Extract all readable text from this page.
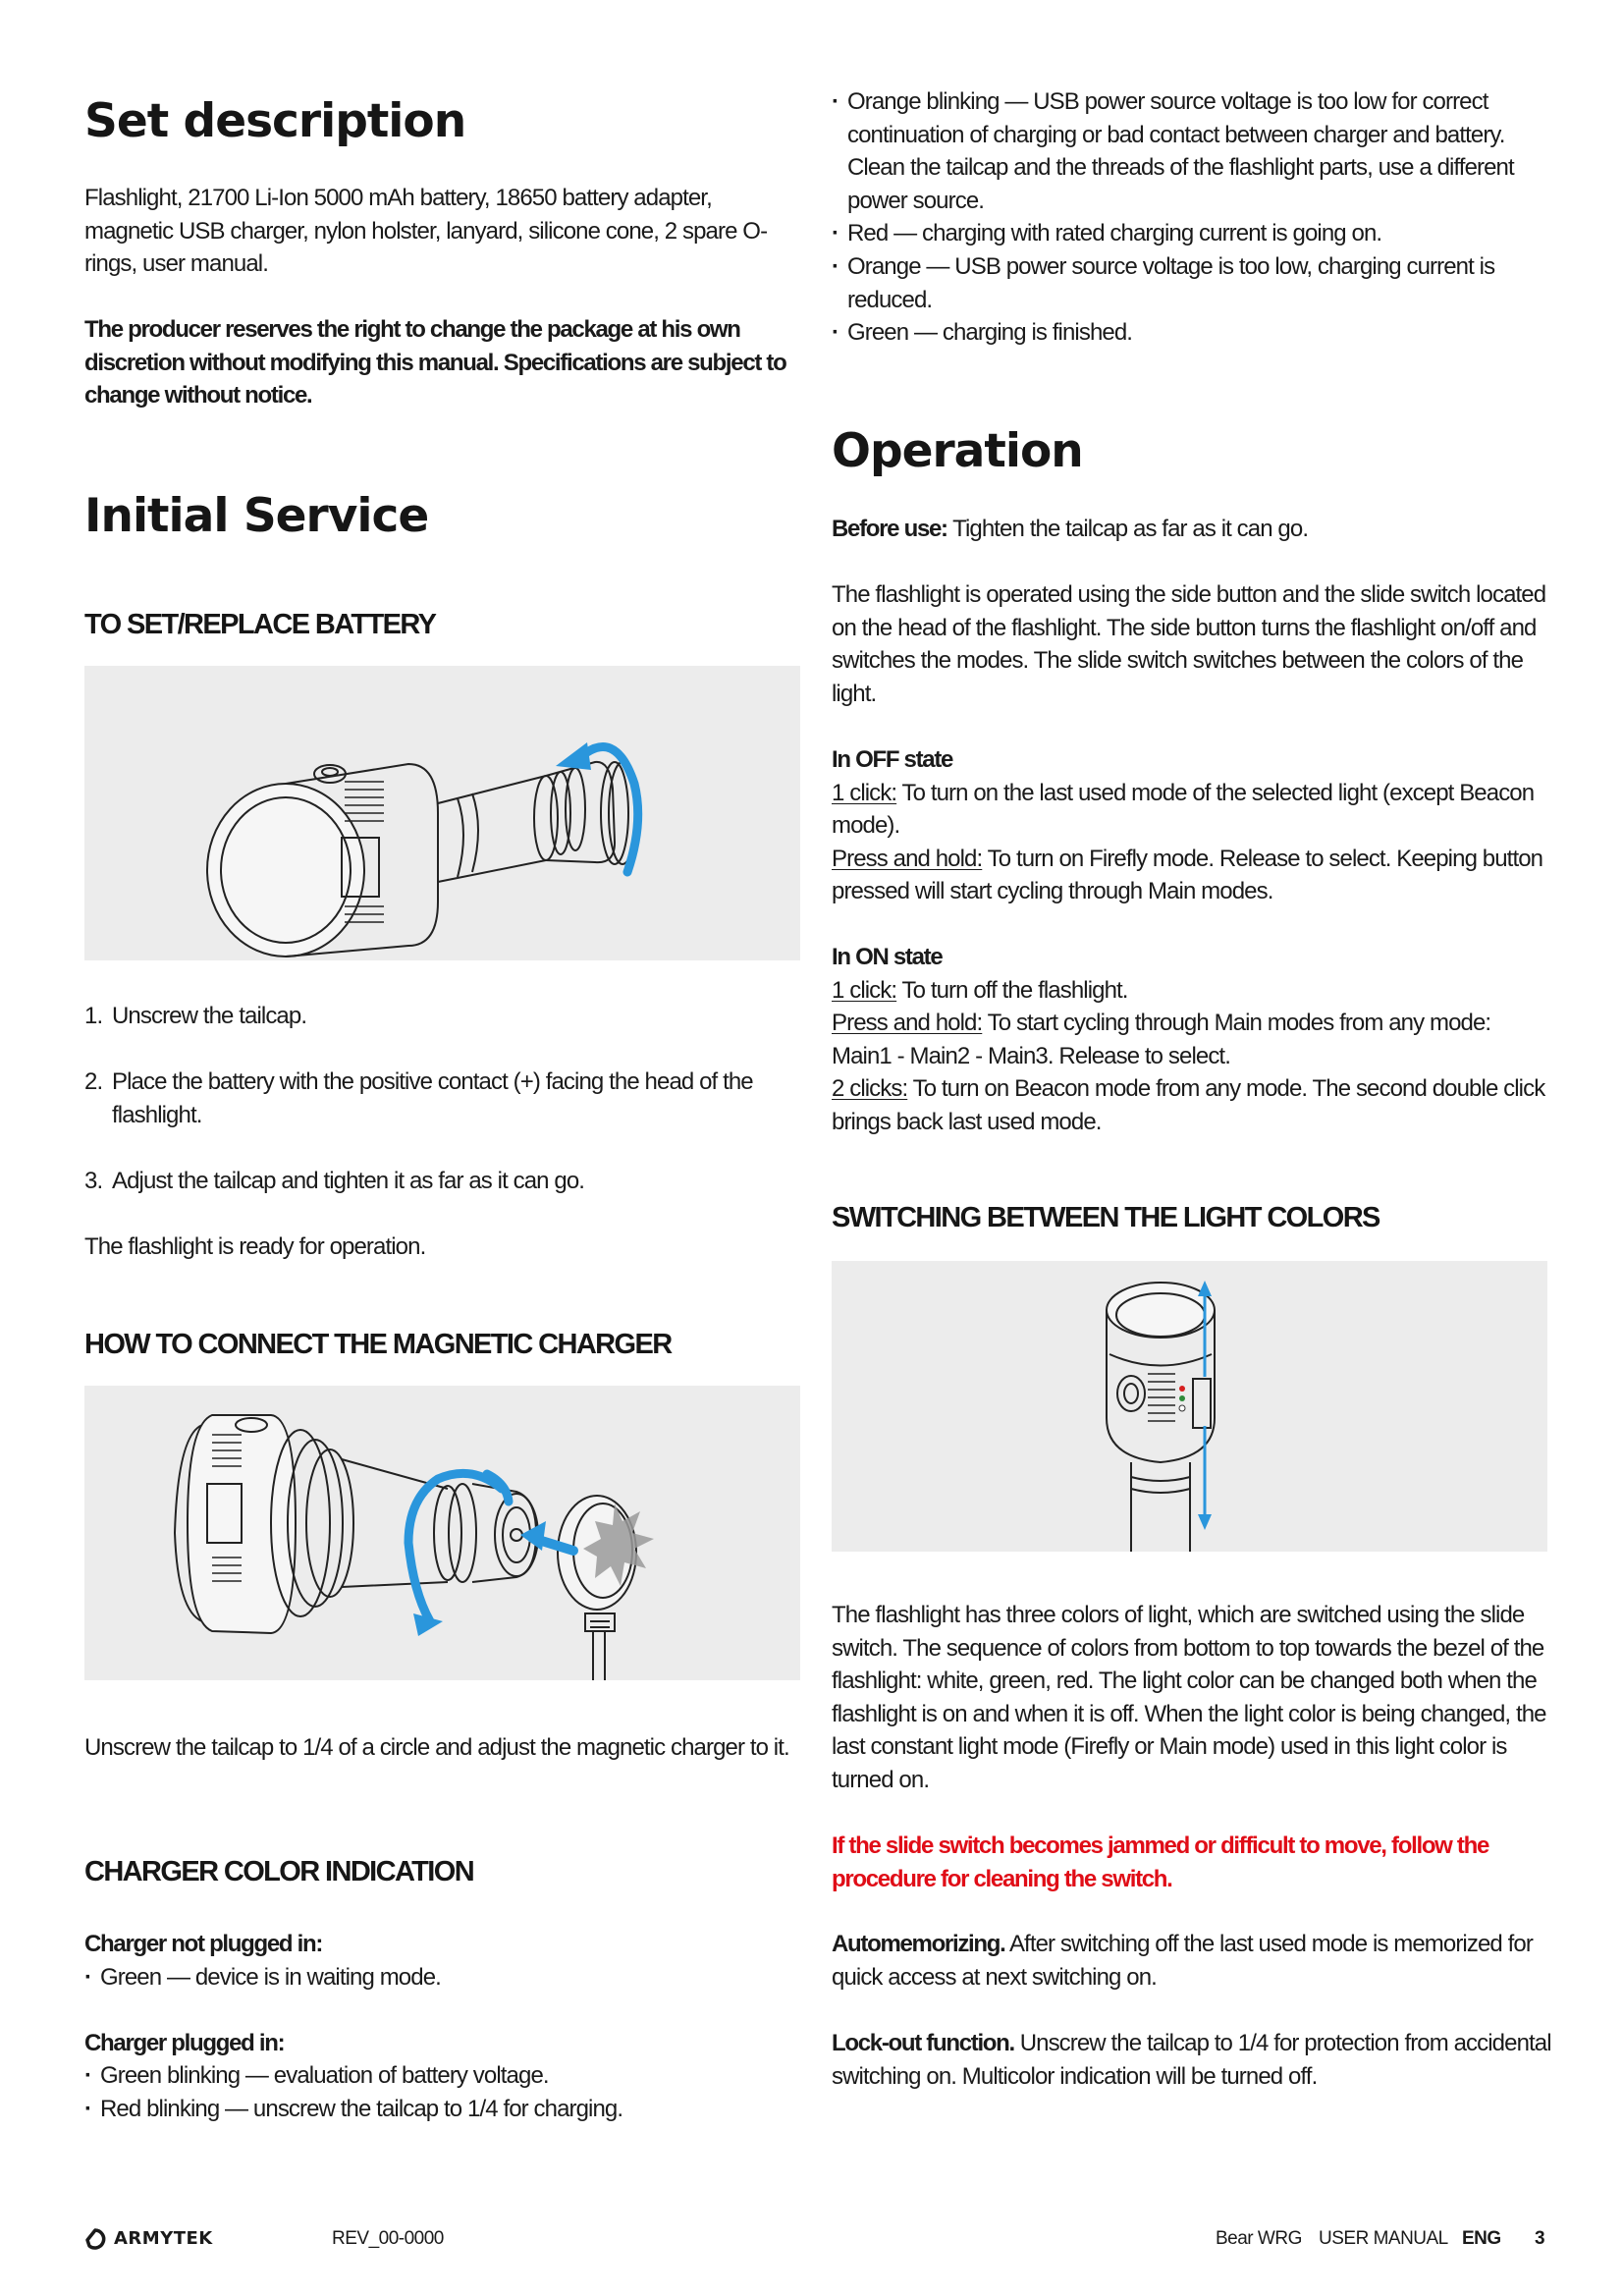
Set description

Flashlight, 21700 Li-Ion 5000 mAh battery, 18650 battery adapter, magnetic USB charger, nylon holster, lanyard, silicone cone, 2 spare O-rings, user manual.

The producer reserves the right to change the package at his own discretion without modifying this manual. Specifications are subject to change without notice.

Initial Service
TO SET/REPLACE BATTERY

1. Unscrew the tailcap.

2. Place the battery with the positive contact (+) facing the head of the flashlight.

3. Adjust the tailcap and tighten it as far as it can go.

The flashlight is ready for operation.

HOW TO CONNECT THE MAGNETIC CHARGER

Unscrew the tailcap to 1/4 of a circle and adjust the magnetic charger to it.

CHARGER COLOR INDICATION

Charger not plugged in:

· Green — device is in waiting mode.

Charger plugged in:

· Green blinking — evaluation of battery voltage.

· Red blinking — unscrew the tailcap to 1/4 for charging.

· Orange blinking — USB power source voltage is too low for correct continuation of charging or bad contact between charger and battery. Clean the tailcap and the threads of the flashlight parts, use a different power source.

· Red — charging with rated charging current is going on.

· Orange — USB power source voltage is too low, charging current is reduced.

· Green — charging is finished.

Operation

Before use: Tighten the tailcap as far as it can go.

The flashlight is operated using the side button and the slide switch located on the head of the flashlight. The side button turns the flashlight on/off and switches the modes. The slide switch switches between the colors of the light.

In OFF state

1 click: To turn on the last used mode of the selected light (except Beacon mode).

Press and hold: To turn on Firefly mode. Release to select. Keeping button pressed will start cycling through Main modes.

In ON state

1 click: To turn off the flashlight.

Press and hold: To start cycling through Main modes from any mode: Main1 - Main2 - Main3. Release to select.

2 clicks: To turn on Beacon mode from any mode. The second double click brings back last used mode.

SWITCHING BETWEEN THE LIGHT COLORS

The flashlight has three colors of light, which are switched using the slide switch. The sequence of colors from bottom to top towards the bezel of the flashlight: white, green, red. The light color can be changed both when the flashlight is on and when it is off. When the light color is being changed, the last constant light mode (Firefly or Main mode) used in this light color is turned on.

If the slide switch becomes jammed or difficult to move, follow the procedure for cleaning the switch.

Automemorizing. After switching off the last used mode is memorized for quick access at next switching on.

Lock-out function. Unscrew the tailcap to 1/4 for protection from accidental switching on. Multicolor indication will be turned off.

ARMYTEK	REV_00-0000	Bear WRG USER MANUAL ENG 3
